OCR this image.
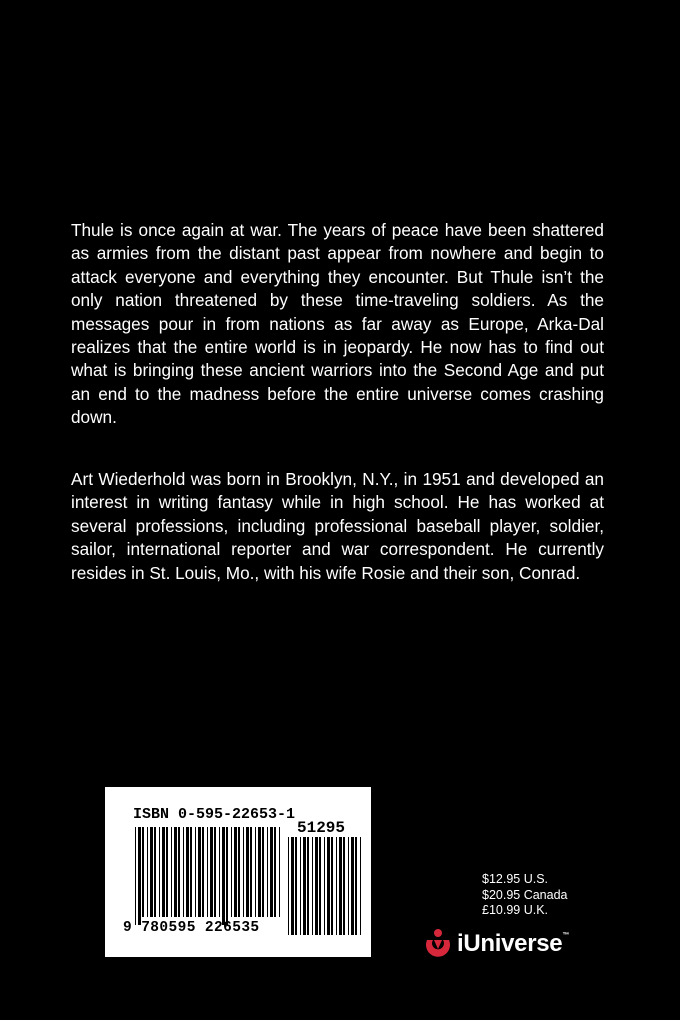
Thule is once again at war. The years of peace have been shattered as armies from the distant past appear from nowhere and begin to attack everyone and everything they encounter. But Thule isn’t the only nation threatened by these time-traveling soldiers. As the messages pour in from nations as far away as Europe, Arka-Dal realizes that the entire world is in jeopardy. He now has to find out what is bringing these ancient warriors into the Second Age and put an end to the madness before the entire universe comes crashing down.

Art Wiederhold was born in Brooklyn, N.Y., in 1951 and developed an interest in writing fantasy while in high school. He has worked at several professions, including professional baseball player, soldier, sailor, international reporter and war correspondent. He currently resides in St. Louis, Mo., with his wife Rosie and their son, Conrad.

ISBN 0-595-22653-1
51295
9 780595 226535
$12.95 U.S.
$20.95 Canada
£10.99 U.K.
iUniverse™
